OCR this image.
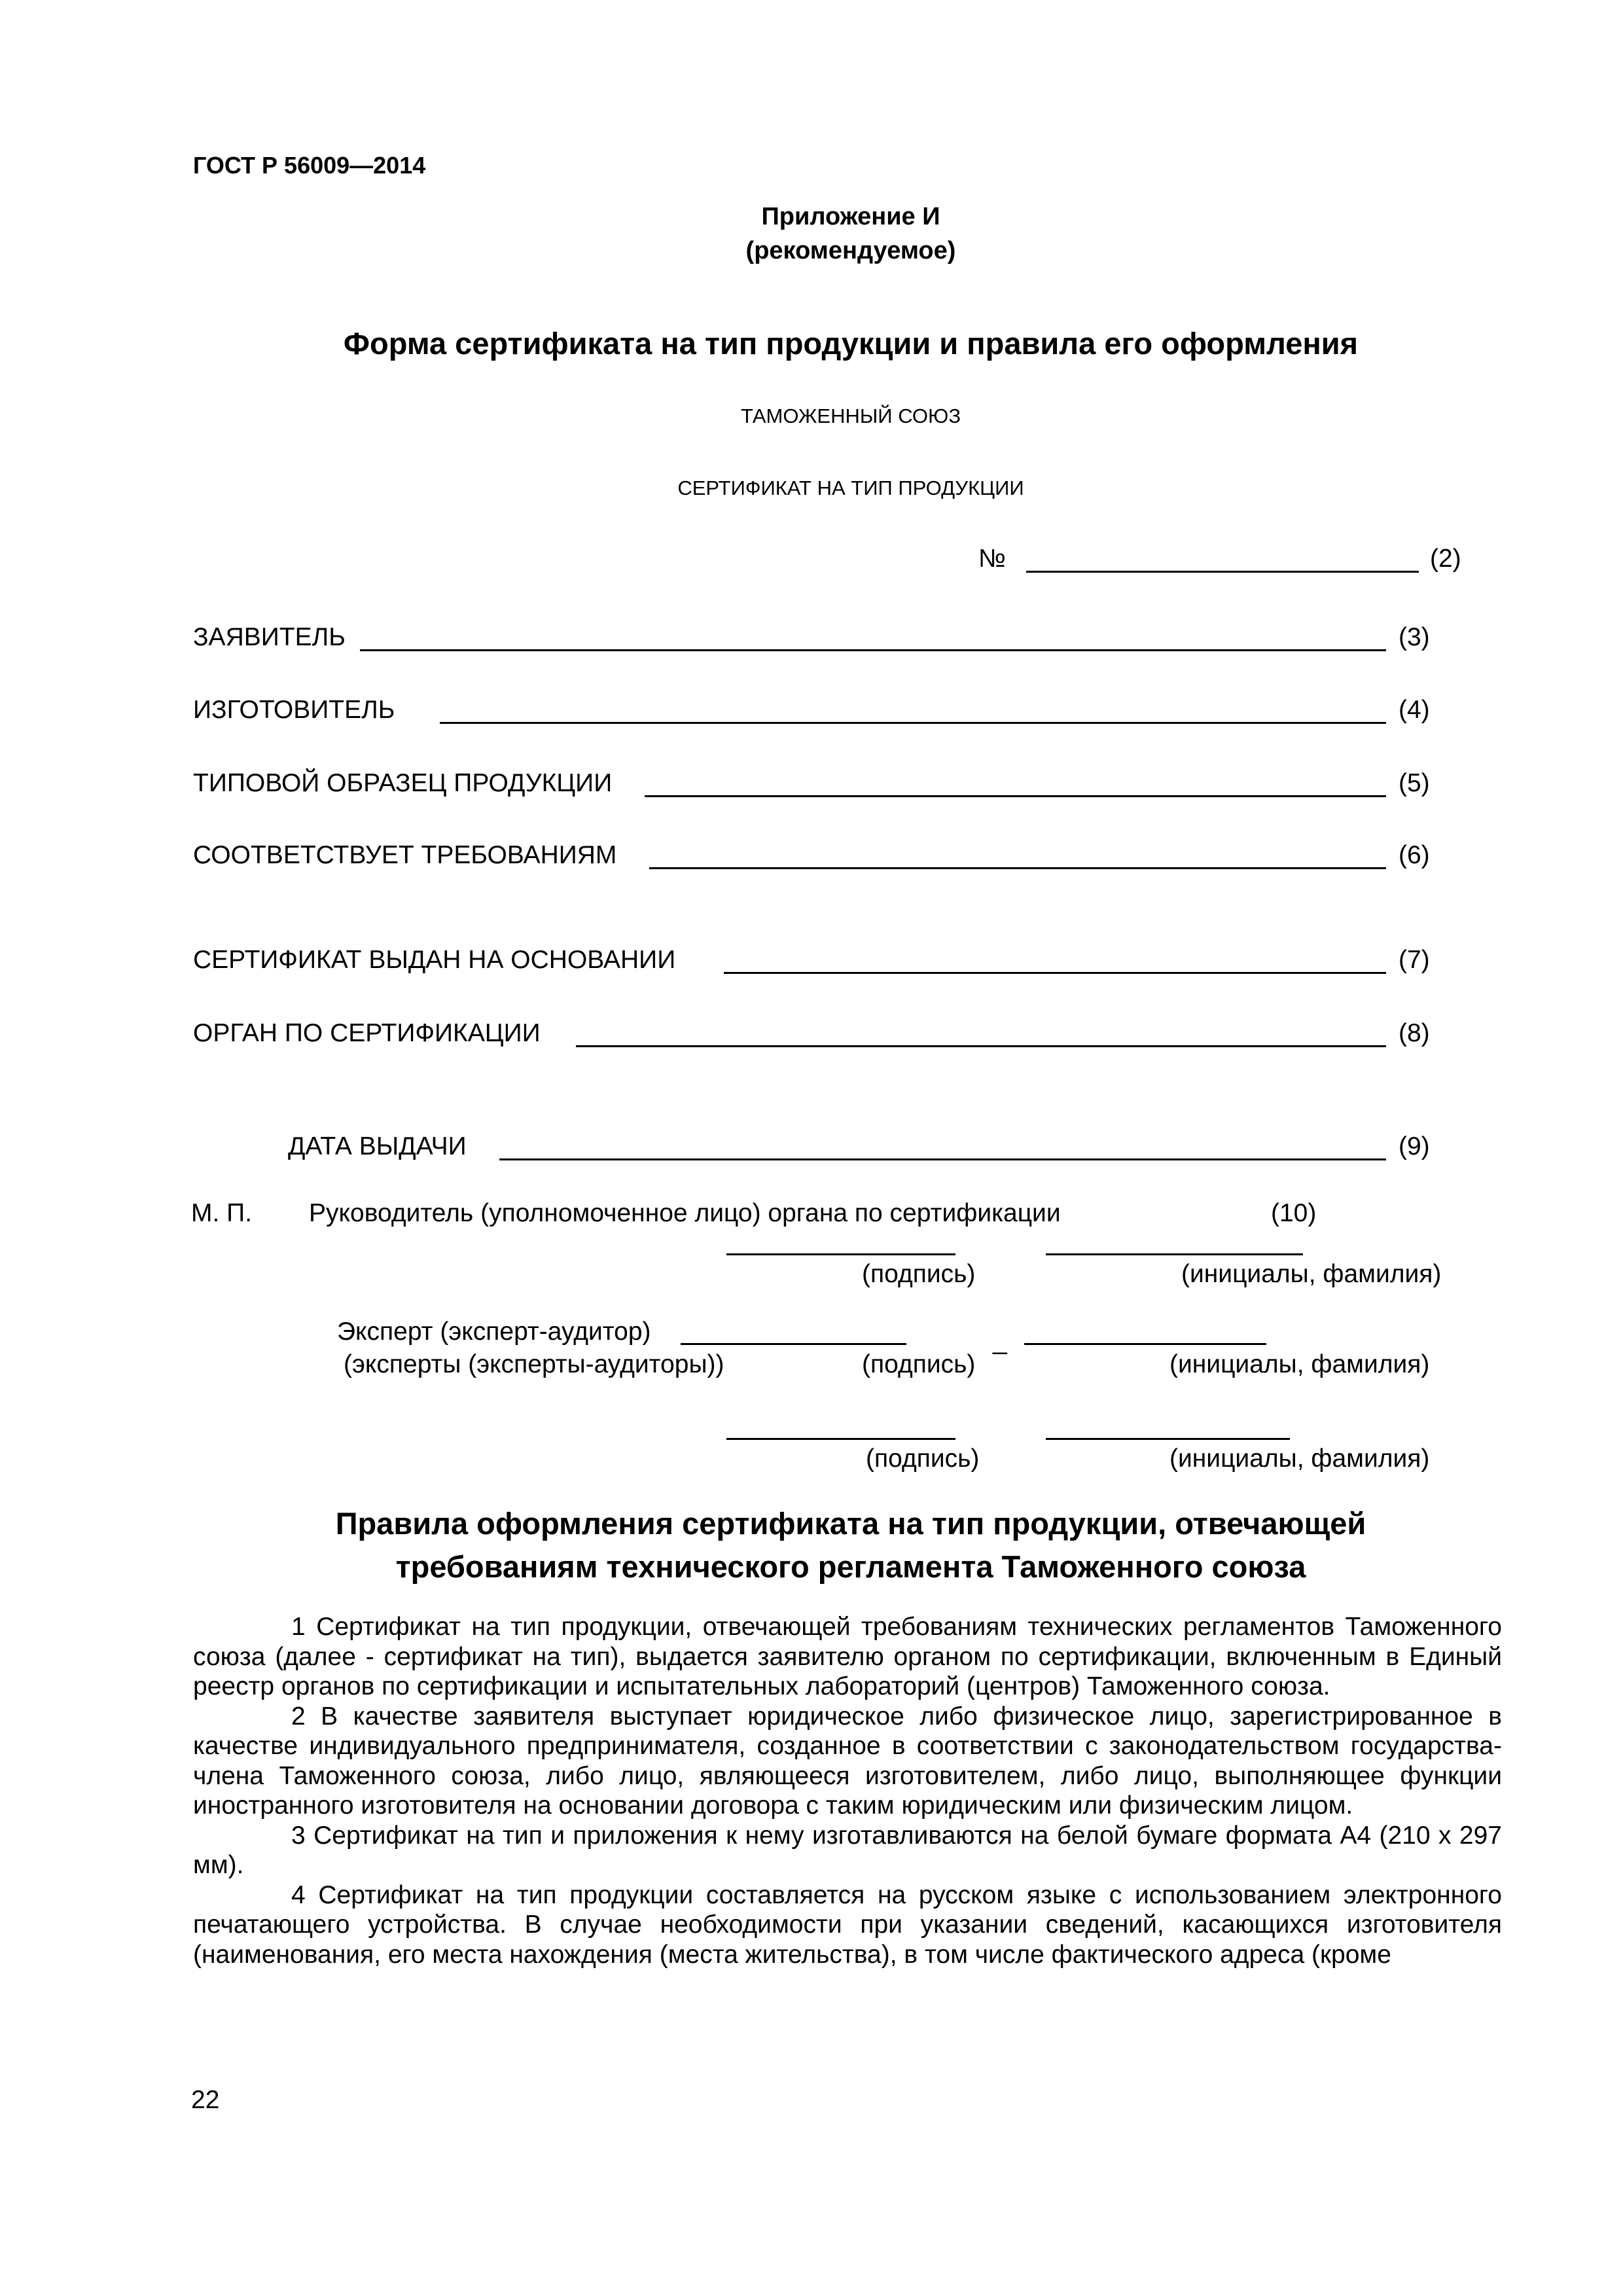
ГОСТ Р 56009—2014
Приложение И
(рекомендуемое)
Форма сертификата на тип продукции и правила его оформления
ТАМОЖЕННЫЙ СОЮЗ
СЕРТИФИКАТ НА ТИП ПРОДУКЦИИ
№	(2)
ЗАЯВИТЕЛЬ	(3)
ИЗГОТОВИТЕЛЬ	(4)
ТИПОВОЙ ОБРАЗЕЦ ПРОДУКЦИИ	(5)
СООТВЕТСТВУЕТ ТРЕБОВАНИЯМ	(6)
СЕРТИФИКАТ ВЫДАН НА ОСНОВАНИИ	(7)
ОРГАН ПО СЕРТИФИКАЦИИ	(8)
ДАТА ВЫДАЧИ	(9)
М. П. Руководитель (уполномоченное лицо) органа по сертификации	(10)
(подпись)	(инициалы, фамилия)
Эксперт (эксперт-аудитор)	_
(эксперты (эксперты-аудиторы))	(подпись)	(инициалы, фамилия)
(подпись)	(инициалы, фамилия)
Правила оформления сертификата на тип продукции, отвечающей
требованиям технического регламента Таможенного союза

1 Сертификат на тип продукции, отвечающей требованиям технических регламентов Таможенного союза (далее - сертификат на тип), выдается заявителю органом по сертификации, включенным в Единый реестр органов по сертификации и испытательных лабораторий (центров) Таможенного союза.

2 В качестве заявителя выступает юридическое либо физическое лицо, зарегистрированное в качестве индивидуального предпринимателя, созданное в соответствии с законодательством государства-члена Таможенного союза, либо лицо, являющееся изготовителем, либо лицо, выполняющее функции иностранного изготовителя на основании договора с таким юридическим или физическим лицом.

3 Сертификат на тип и приложения к нему изготавливаются на белой бумаге формата А4 (210 х 297 мм).

4 Сертификат на тип продукции составляется на русском языке с использованием электронного печатающего устройства. В случае необходимости при указании сведений, касающихся изготовителя (наименования, его места нахождения (места жительства), в том числе фактического адреса (кроме

22
